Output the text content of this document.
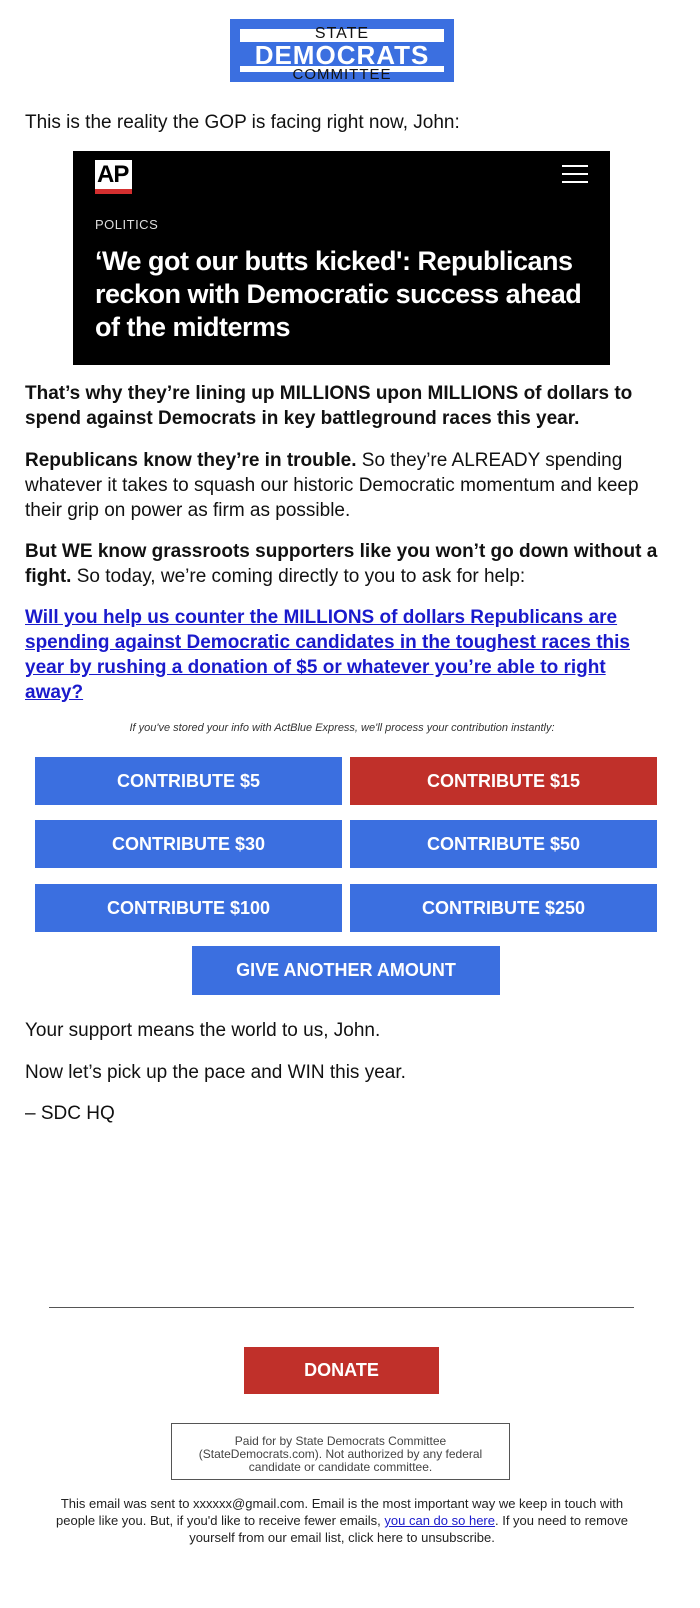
STATE
DEMOCRATS
COMMITTEE
This is the reality the GOP is facing right now, John:
AP
POLITICS
‘We got our butts kicked': Republicans reckon with Democratic success ahead of the midterms
That’s why they’re lining up MILLIONS upon MILLIONS of dollars to spend against Democrats in key battleground races this year.
Republicans know they’re in trouble. So they’re ALREADY spending whatever it takes to squash our historic Democratic momentum and keep their grip on power as firm as possible.
But WE know grassroots supporters like you won’t go down without a fight. So today, we’re coming directly to you to ask for help:
Will you help us counter the MILLIONS of dollars Republicans are spending against Democratic candidates in the toughest races this year by rushing a donation of $5 or whatever you’re able to right away?
If you've stored your info with ActBlue Express, we'll process your contribution instantly:
CONTRIBUTE $5	CONTRIBUTE $15
CONTRIBUTE $30	CONTRIBUTE $50
CONTRIBUTE $100	CONTRIBUTE $250
GIVE ANOTHER AMOUNT
Your support means the world to us, John.
Now let’s pick up the pace and WIN this year.
– SDC HQ
DONATE
Paid for by State Democrats Committee (StateDemocrats.com). Not authorized by any federal candidate or candidate committee.
This email was sent to xxxxxx@gmail.com. Email is the most important way we keep in touch with people like you. But, if you'd like to receive fewer emails, you can do so here. If you need to remove yourself from our email list, click here to unsubscribe.
